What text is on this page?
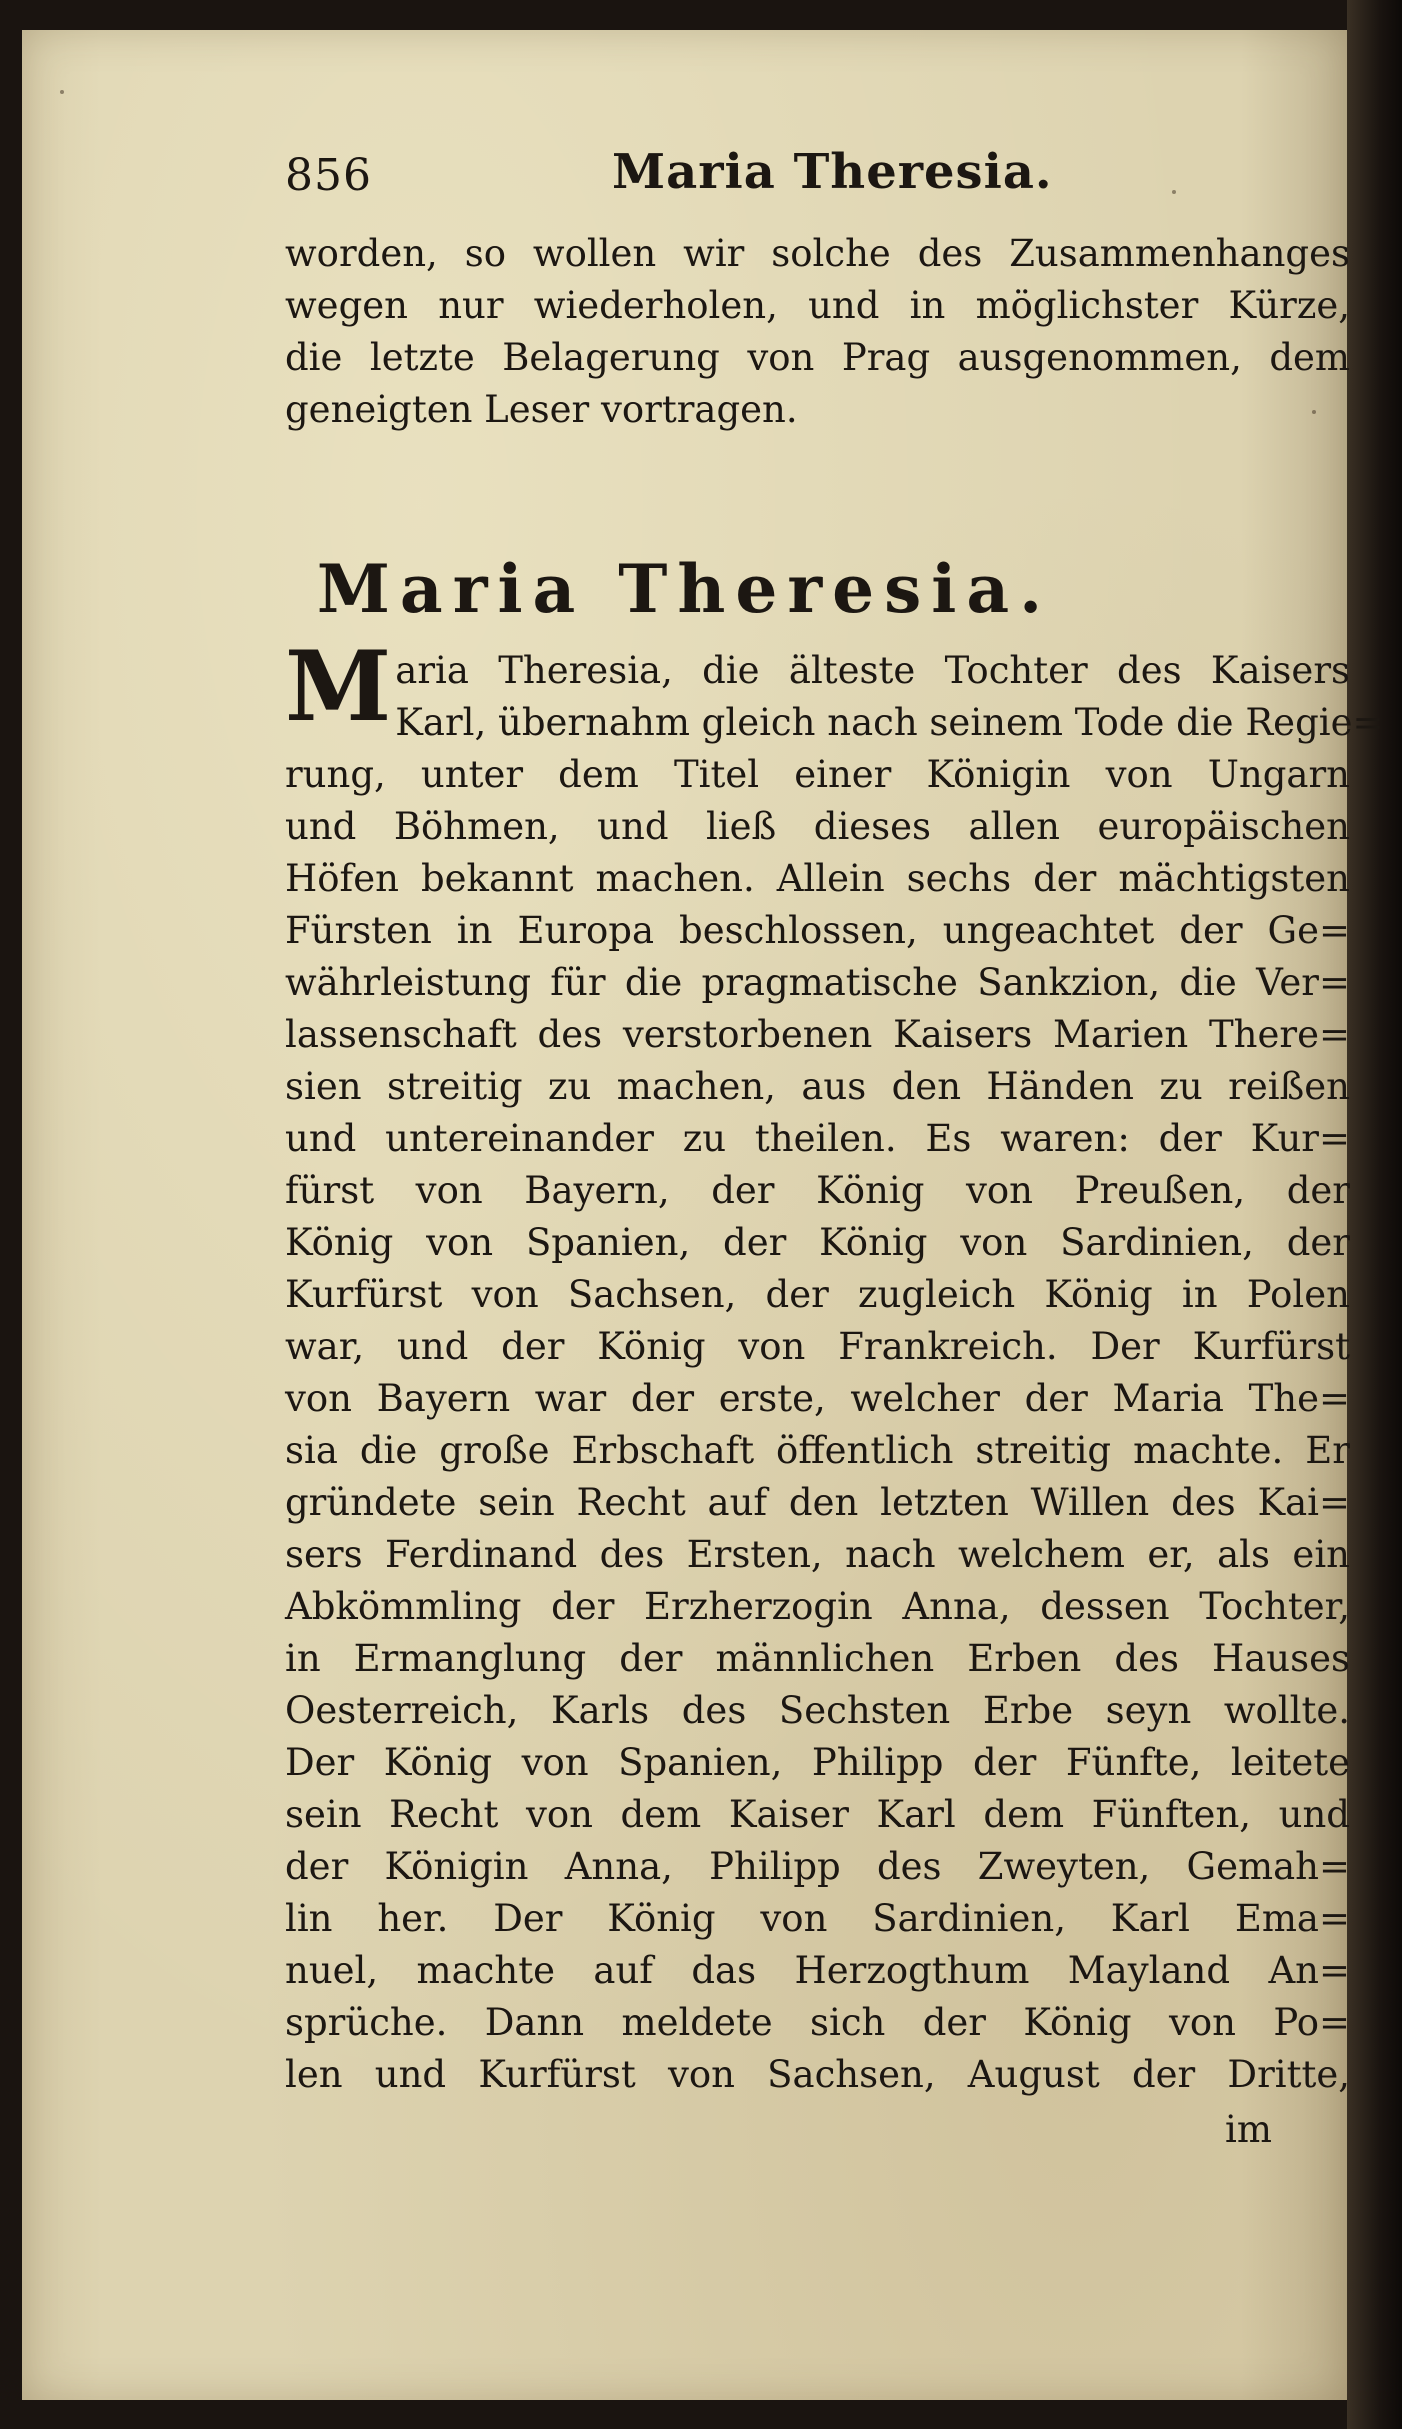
856	Maria Theresia.
worden, so wollen wir solche des Zusammenhanges
wegen nur wiederholen, und in möglichster Kürze,
die letzte Belagerung von Prag ausgenommen, dem
geneigten Leser vortragen.
Maria Theresia.
M aria Theresia, die älteste Tochter des Kaisers
Karl, übernahm gleich nach seinem Tode die Regie=
rung, unter dem Titel einer Königin von Ungarn
und Böhmen, und ließ dieses allen europäischen
Höfen bekannt machen. Allein sechs der mächtigsten
Fürsten in Europa beschlossen, ungeachtet der Ge=
währleistung für die pragmatische Sankzion, die Ver=
lassenschaft des verstorbenen Kaisers Marien There=
sien streitig zu machen, aus den Händen zu reißen
und untereinander zu theilen. Es waren: der Kur=
fürst von Bayern, der König von Preußen, der
König von Spanien, der König von Sardinien, der
Kurfürst von Sachsen, der zugleich König in Polen
war, und der König von Frankreich. Der Kurfürst
von Bayern war der erste, welcher der Maria The=
sia die große Erbschaft öffentlich streitig machte. Er
gründete sein Recht auf den letzten Willen des Kai=
sers Ferdinand des Ersten, nach welchem er, als ein
Abkömmling der Erzherzogin Anna, dessen Tochter,
in Ermanglung der männlichen Erben des Hauses
Oesterreich, Karls des Sechsten Erbe seyn wollte.
Der König von Spanien, Philipp der Fünfte, leitete
sein Recht von dem Kaiser Karl dem Fünften, und
der Königin Anna, Philipp des Zweyten, Gemah=
lin her. Der König von Sardinien, Karl Ema=
nuel, machte auf das Herzogthum Mayland An=
sprüche. Dann meldete sich der König von Po=
len und Kurfürst von Sachsen, August der Dritte,
im
